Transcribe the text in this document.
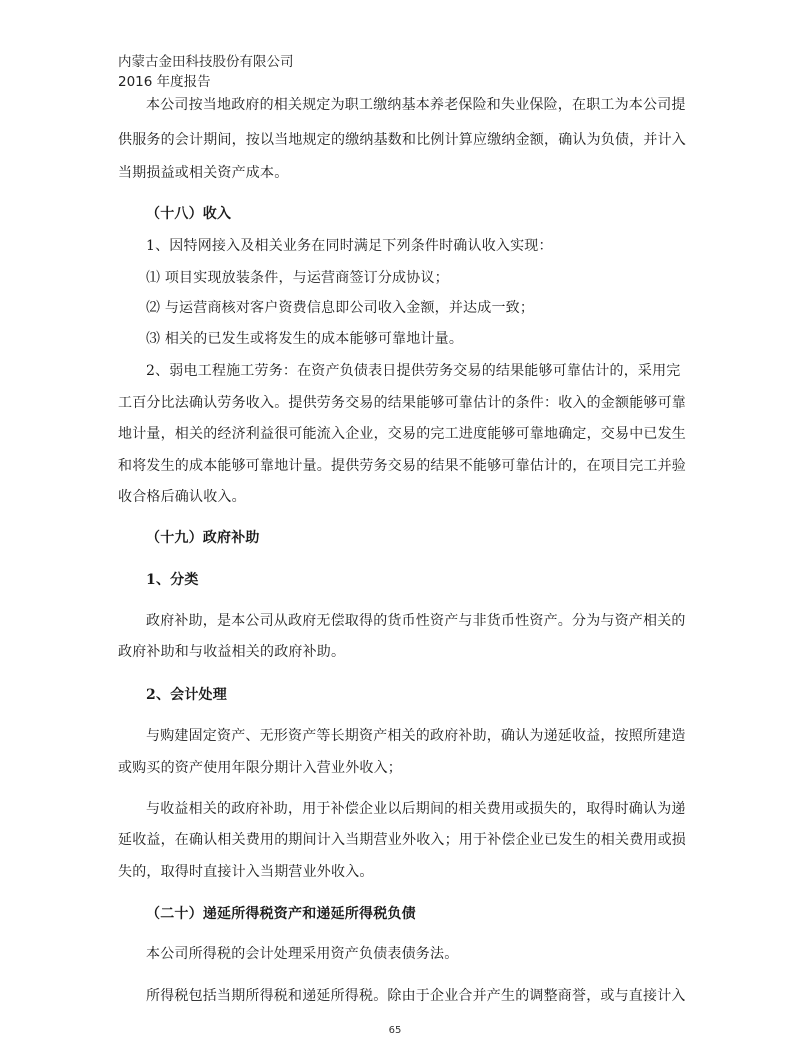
内蒙古金田科技股份有限公司
2016 年度报告
本公司按当地政府的相关规定为职工缴纳基本养老保险和失业保险，在职工为本公司提
供服务的会计期间，按以当地规定的缴纳基数和比例计算应缴纳金额，确认为负债，并计入
当期损益或相关资产成本。
（十八）收入
1、因特网接入及相关业务在同时满足下列条件时确认收入实现：
⑴ 项目实现放装条件，与运营商签订分成协议；
⑵ 与运营商核对客户资费信息即公司收入金额，并达成一致；
⑶ 相关的已发生或将发生的成本能够可靠地计量。
2、弱电工程施工劳务：在资产负债表日提供劳务交易的结果能够可靠估计的，采用完
工百分比法确认劳务收入。提供劳务交易的结果能够可靠估计的条件：收入的金额能够可靠
地计量，相关的经济利益很可能流入企业，交易的完工进度能够可靠地确定，交易中已发生
和将发生的成本能够可靠地计量。提供劳务交易的结果不能够可靠估计的，在项目完工并验
收合格后确认收入。
（十九）政府补助
1、分类
政府补助，是本公司从政府无偿取得的货币性资产与非货币性资产。分为与资产相关的
政府补助和与收益相关的政府补助。
2、会计处理
与购建固定资产、无形资产等长期资产相关的政府补助，确认为递延收益，按照所建造
或购买的资产使用年限分期计入营业外收入；
与收益相关的政府补助，用于补偿企业以后期间的相关费用或损失的，取得时确认为递
延收益，在确认相关费用的期间计入当期营业外收入；用于补偿企业已发生的相关费用或损
失的，取得时直接计入当期营业外收入。
（二十）递延所得税资产和递延所得税负债
本公司所得税的会计处理采用资产负债表债务法。
所得税包括当期所得税和递延所得税。除由于企业合并产生的调整商誉，或与直接计入
65
